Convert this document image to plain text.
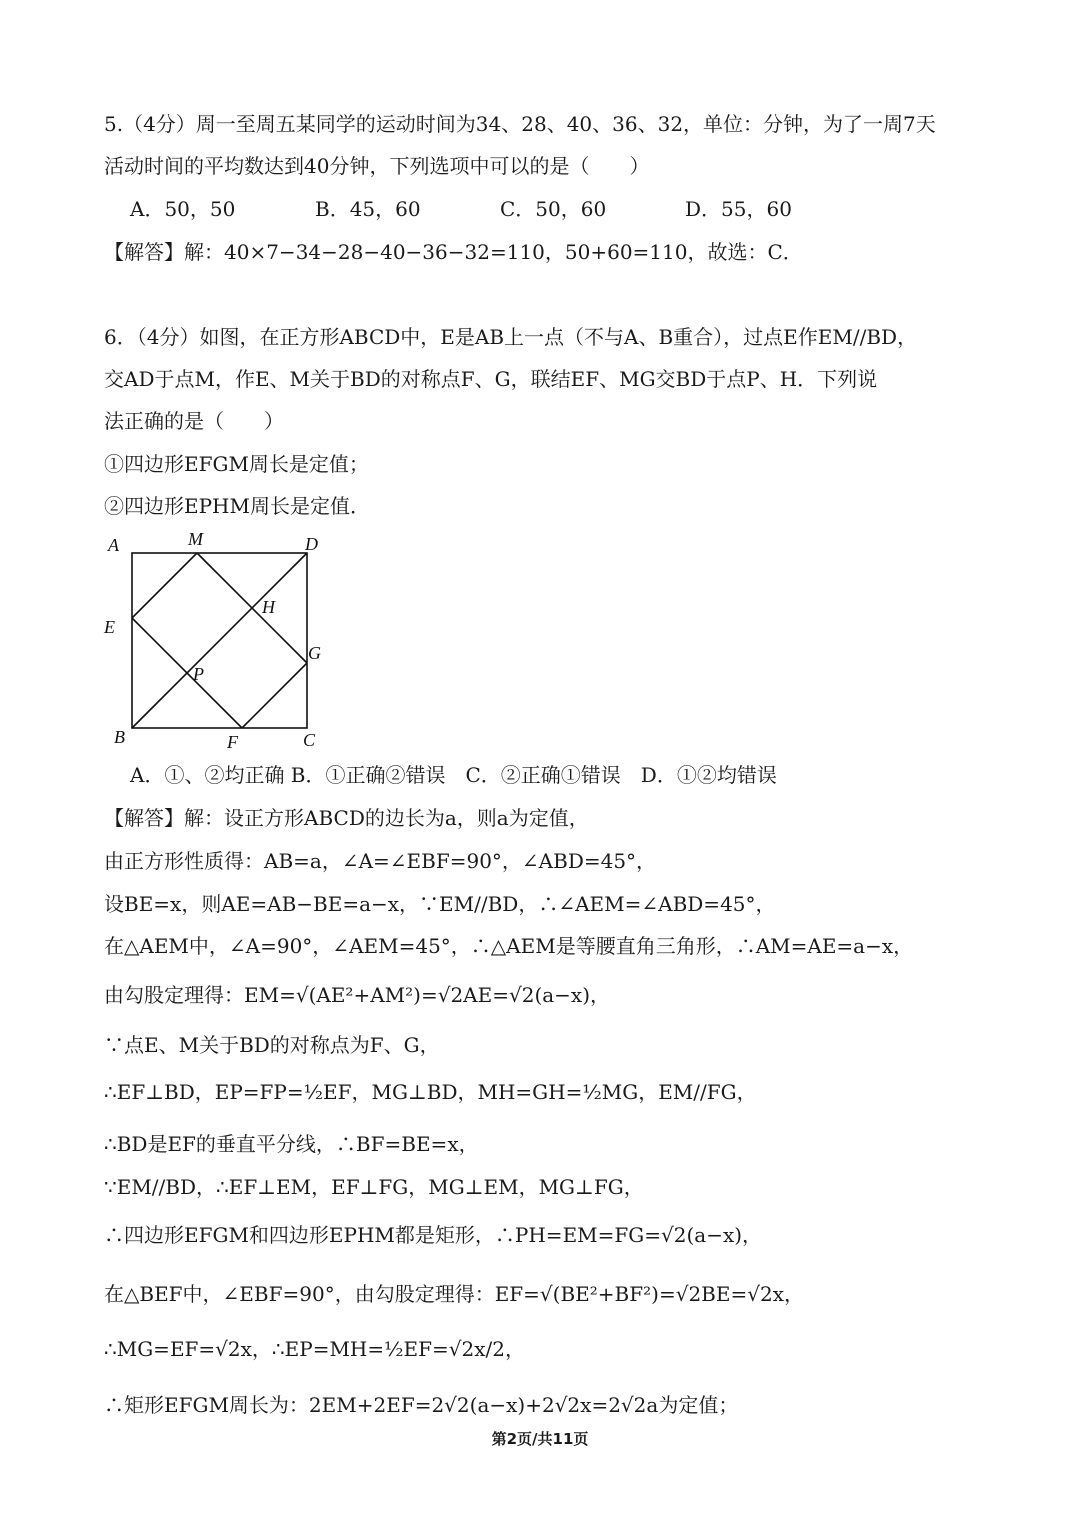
5.（4分）周一至周五某同学的运动时间为34、28、40、36、32，单位：分钟，为了一周7天
活动时间的平均数达到40分钟，下列选项中可以的是（　　）
A．50，50	B．45，60	C．50，60	D．55，60
【解答】解：40×7−34−28−40−36−32=110，50+60=110，故选：C．
6．（4分）如图，在正方形ABCD中，E是AB上一点（不与A、B重合），过点E作EM//BD，
交AD于点M，作E、M关于BD的对称点F、G，联结EF、MG交BD于点P、H．下列说
法正确的是（　　）
①四边形EFGM周长是定值；
②四边形EPHM周长是定值．
A	M	D
E
H
G
P
B	F	C
A．①、②均正确 B．①正确②错误　C．②正确①错误　D．①②均错误
【解答】解：设正方形ABCD的边长为a，则a为定值，
由正方形性质得：AB=a，∠A=∠EBF=90°，∠ABD=45°，
设BE=x，则AE=AB−BE=a−x，∵EM//BD，∴∠AEM=∠ABD=45°，
在△AEM中，∠A=90°，∠AEM=45°，∴△AEM是等腰直角三角形，∴AM=AE=a−x，
由勾股定理得：EM=√(AE²+AM²)=√2AE=√2(a−x)，
∵点E、M关于BD的对称点为F、G，
∴EF⊥BD，EP=FP=½EF，MG⊥BD，MH=GH=½MG，EM//FG，
∴BD是EF的垂直平分线，∴BF=BE=x，
∵EM//BD，∴EF⊥EM，EF⊥FG，MG⊥EM，MG⊥FG，
∴四边形EFGM和四边形EPHM都是矩形，∴PH=EM=FG=√2(a−x)，
在△BEF中，∠EBF=90°，由勾股定理得：EF=√(BE²+BF²)=√2BE=√2x，
∴MG=EF=√2x，∴EP=MH=½EF=√2x/2，
∴矩形EFGM周长为：2EM+2EF=2√2(a−x)+2√2x=2√2a为定值；
第2页/共11页
